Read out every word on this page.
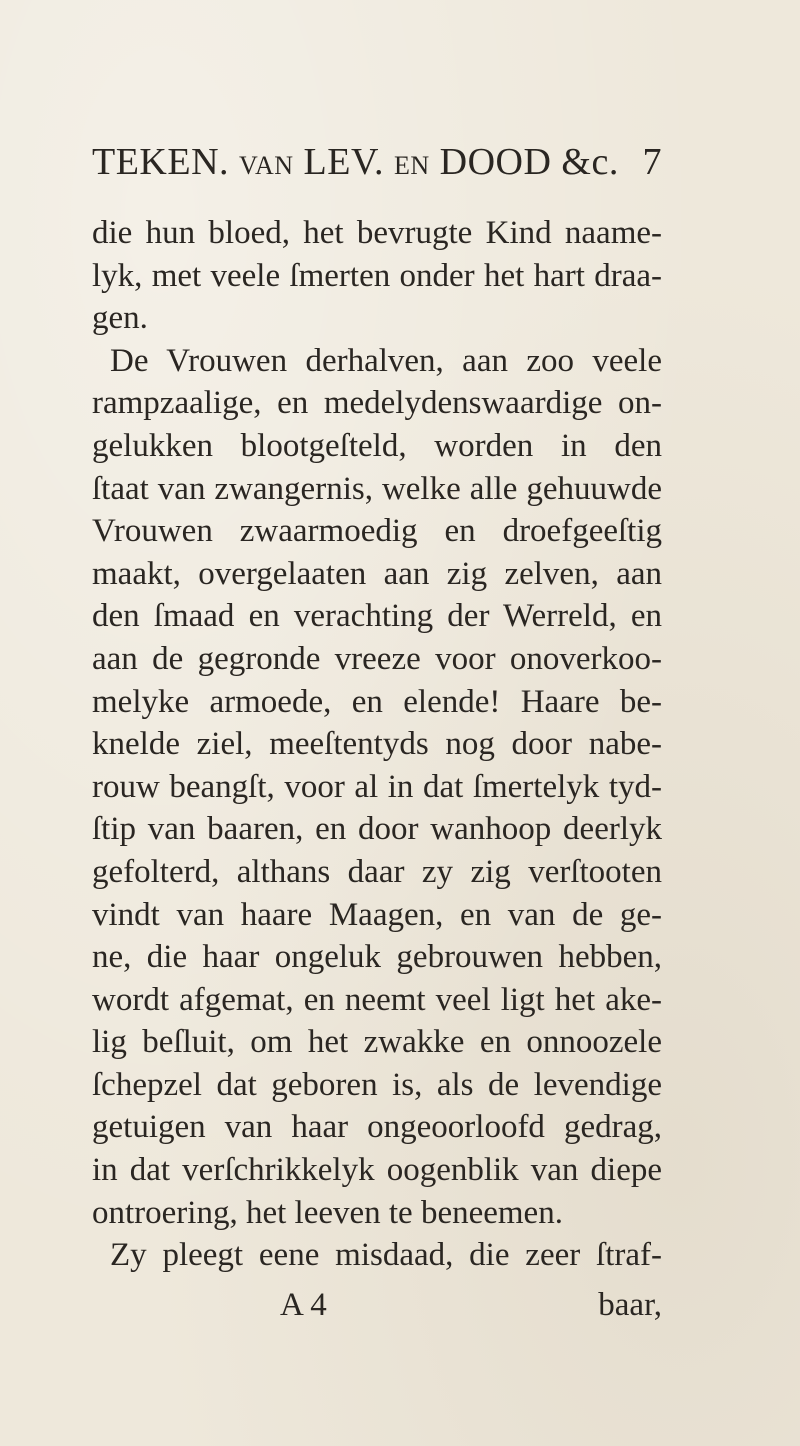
TEKEN. VAN LEV. EN DOOD &c. 7
die hun bloed, het bevrugte Kind naame-
lyk, met veele ſmerten onder het hart draa-
gen.
De Vrouwen derhalven, aan zoo veele
rampzaalige, en medelydenswaardige on-
gelukken blootgeſteld, worden in den
ſtaat van zwangernis, welke alle gehuuwde
Vrouwen zwaarmoedig en droefgeeſtig
maakt, overgelaaten aan zig zelven, aan
den ſmaad en verachting der Werreld, en
aan de gegronde vreeze voor onoverkoo-
melyke armoede, en elende! Haare be-
knelde ziel, meeſtentyds nog door nabe-
rouw beangſt, voor al in dat ſmertelyk tyd-
ſtip van baaren, en door wanhoop deerlyk
gefolterd, althans daar zy zig verſtooten
vindt van haare Maagen, en van de ge-
ne, die haar ongeluk gebrouwen hebben,
wordt afgemat, en neemt veel ligt het ake-
lig beſluit, om het zwakke en onnoozele
ſchepzel dat geboren is, als de levendige
getuigen van haar ongeoorloofd gedrag,
in dat verſchrikkelyk oogenblik van diepe
ontroering, het leeven te beneemen.
Zy pleegt eene misdaad, die zeer ſtraf-
A 4	baar,
